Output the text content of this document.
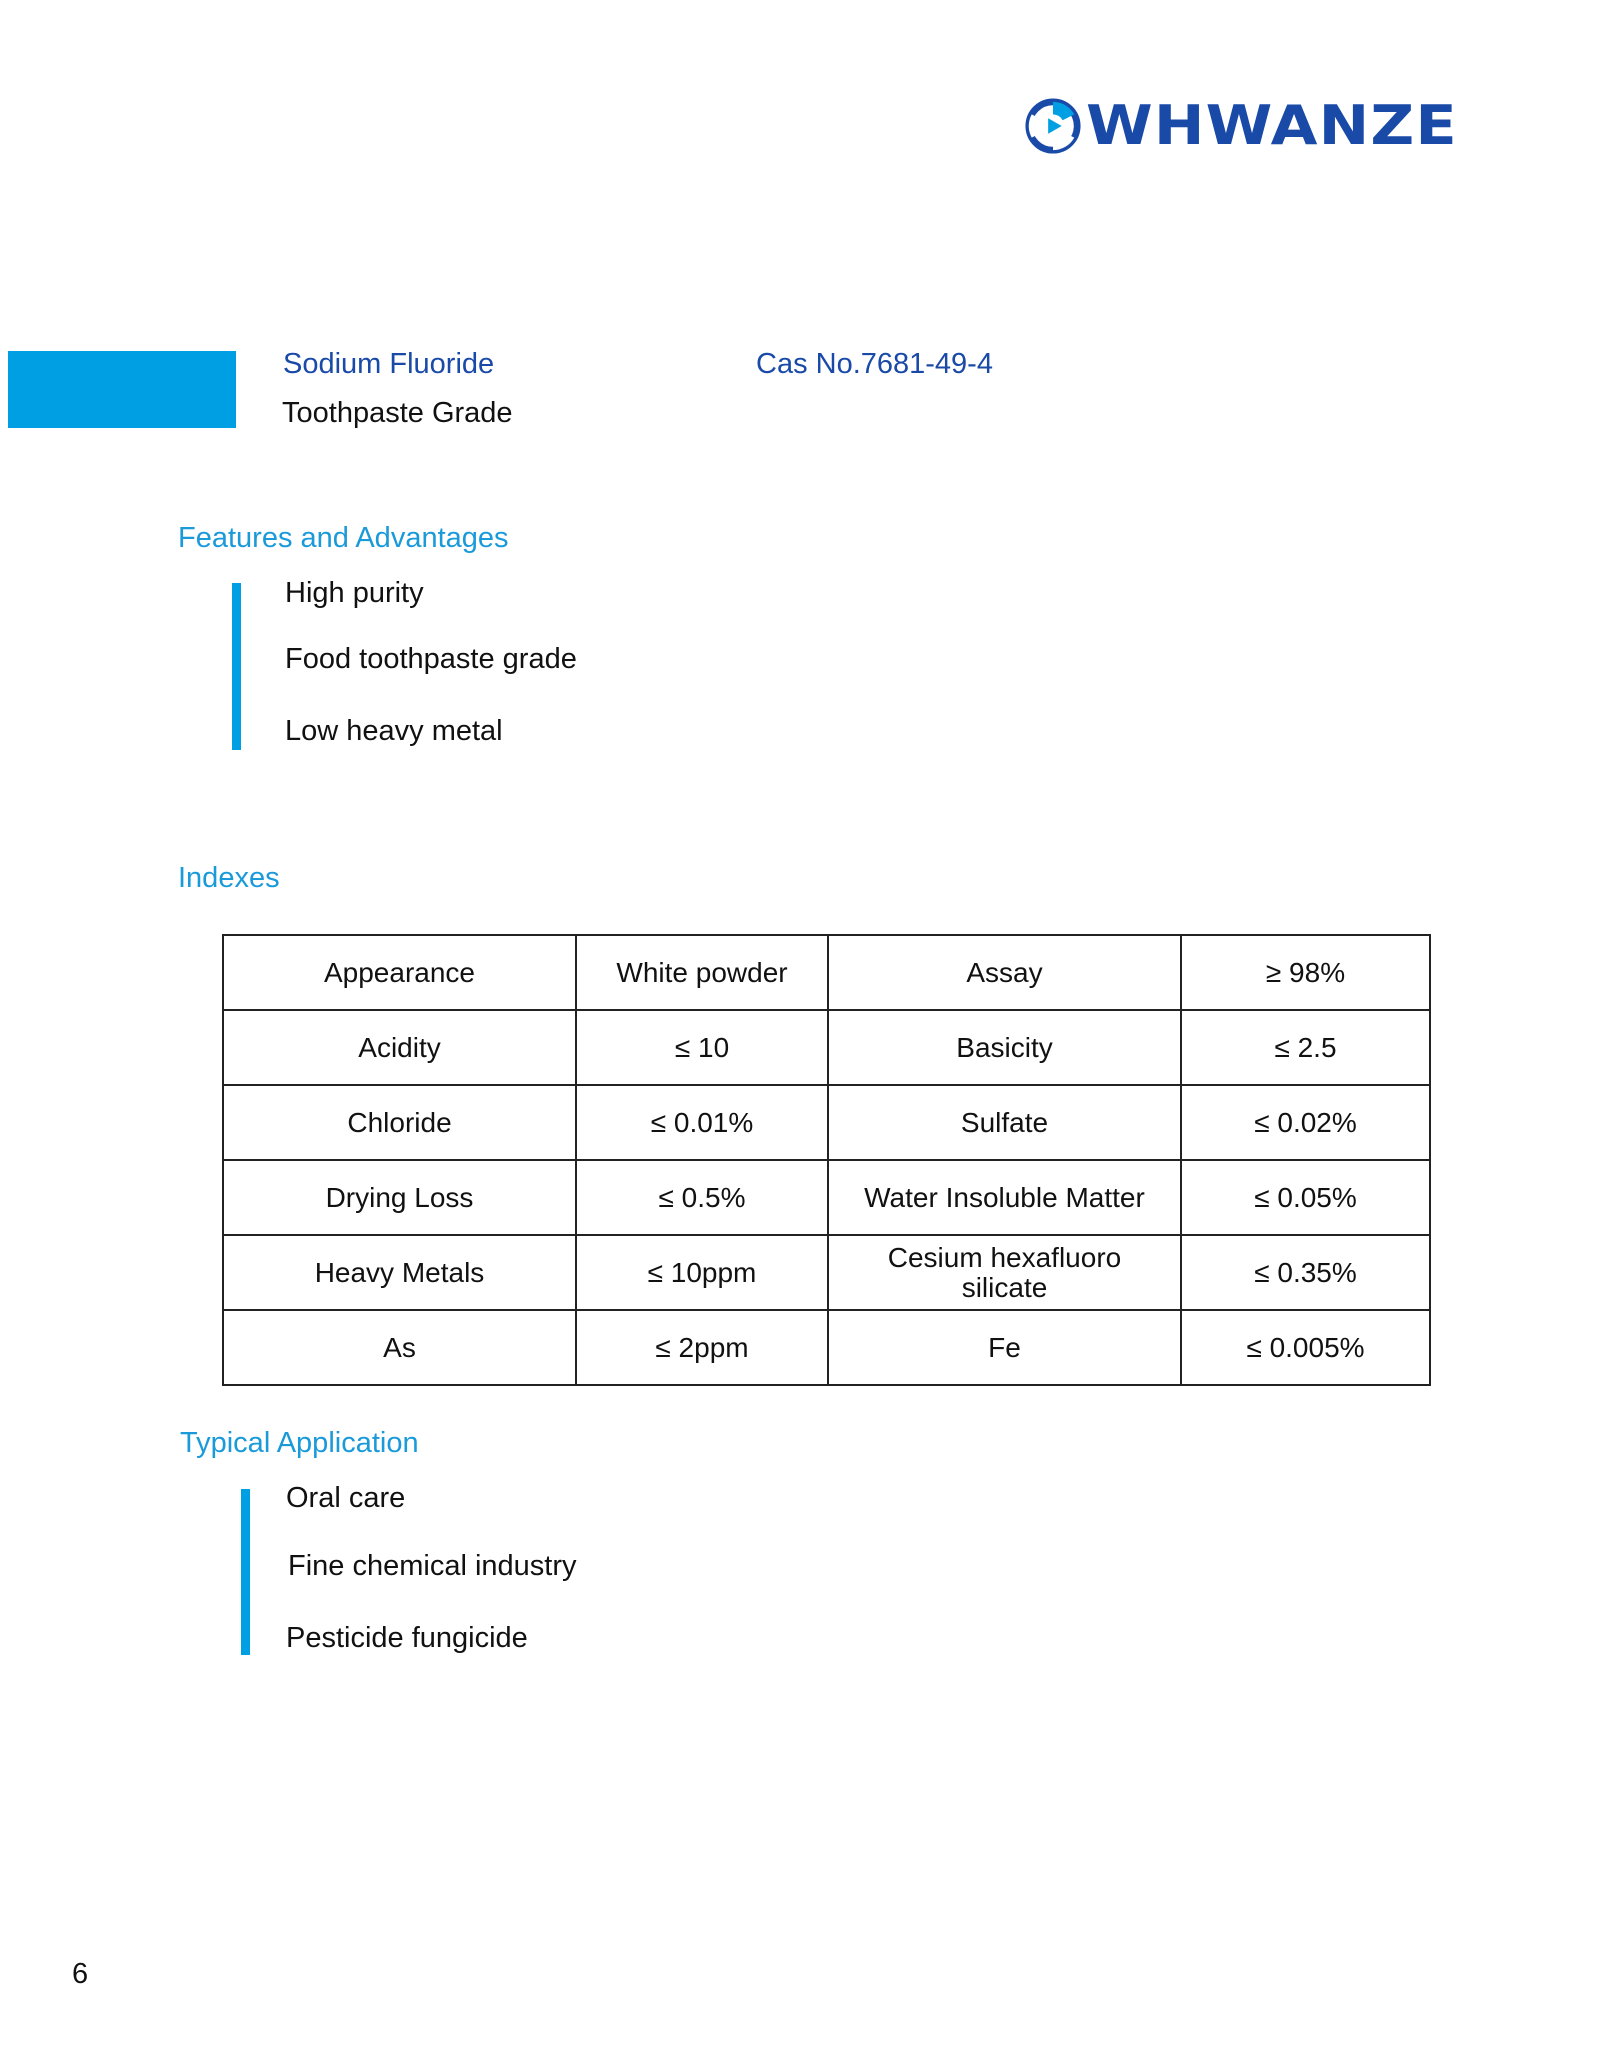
WHWANZE
Sodium Fluoride
Toothpaste Grade
Cas No.7681-49-4
Features and Advantages
High purity
Food toothpaste grade
Low heavy metal
Indexes
Appearance	White powder	Assay	≥ 98%
Acidity	≤ 10	Basicity	≤ 2.5
Chloride	≤ 0.01%	Sulfate	≤ 0.02%
Drying Loss	≤ 0.5%	Water Insoluble Matter	≤ 0.05%
Heavy Metals	≤ 10ppm	Cesium hexafluoro silicate	≤ 0.35%
As	≤ 2ppm	Fe	≤ 0.005%
Typical Application
Oral care
Fine chemical industry
Pesticide fungicide
6
